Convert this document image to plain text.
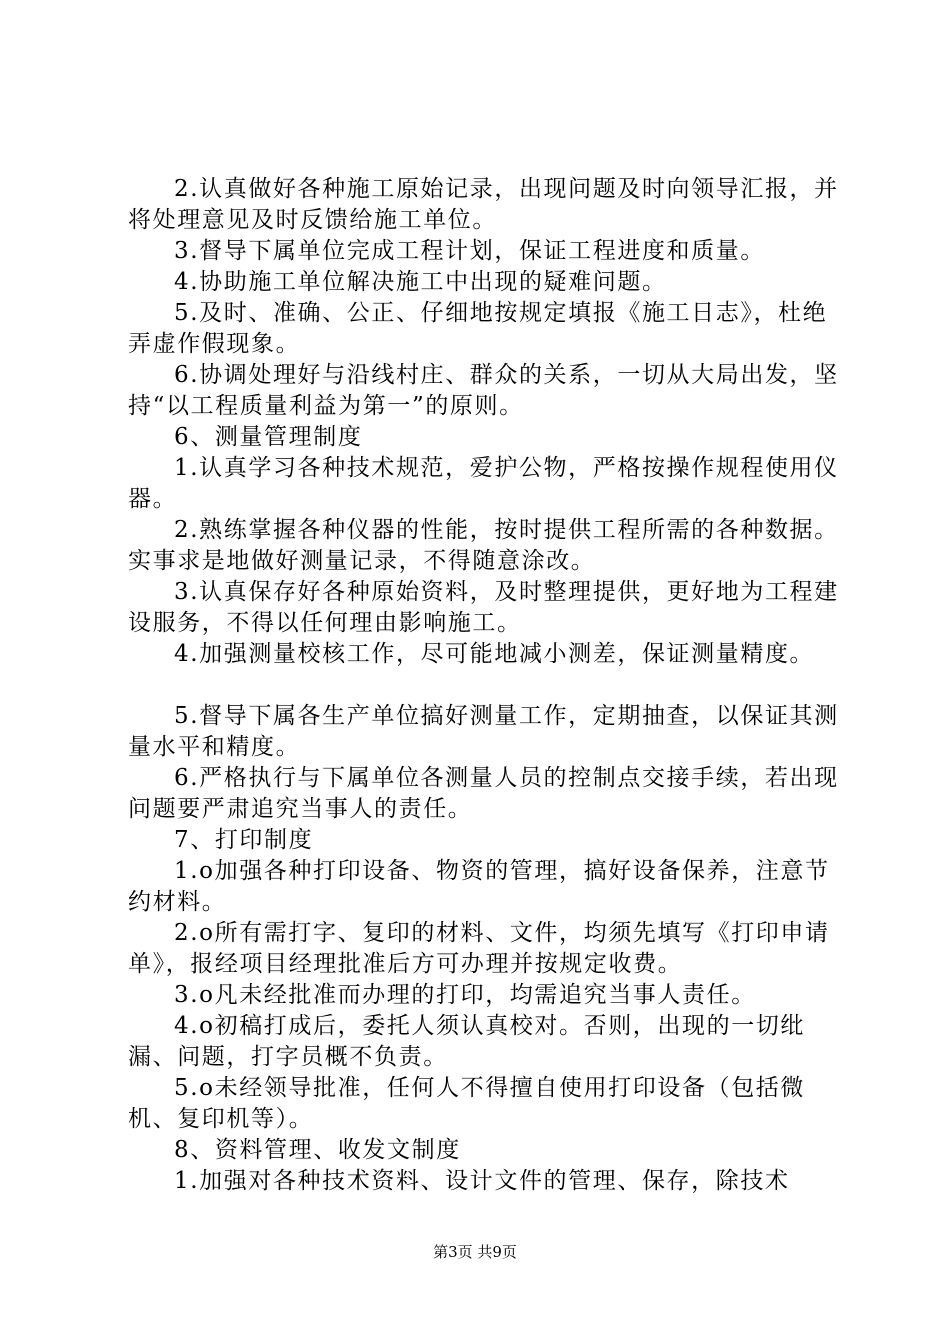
2.认真做好各种施工原始记录，出现问题及时向领导汇报，并将处理意见及时反馈给施工单位。

3.督导下属单位完成工程计划，保证工程进度和质量。

4.协助施工单位解决施工中出现的疑难问题。

5.及时、准确、公正、仔细地按规定填报《施工日志》，杜绝弄虚作假现象。

6.协调处理好与沿线村庄、群众的关系，一切从大局出发，坚持“以工程质量利益为第一”的原则。

6、测量管理制度

1.认真学习各种技术规范，爱护公物，严格按操作规程使用仪器。

2.熟练掌握各种仪器的性能，按时提供工程所需的各种数据。实事求是地做好测量记录，不得随意涂改。

3.认真保存好各种原始资料，及时整理提供，更好地为工程建设服务，不得以任何理由影响施工。

4.加强测量校核工作，尽可能地减小测差，保证测量精度。

5.督导下属各生产单位搞好测量工作，定期抽查，以保证其测量水平和精度。

6.严格执行与下属单位各测量人员的控制点交接手续，若出现问题要严肃追究当事人的责任。

7、打印制度

1.o加强各种打印设备、物资的管理，搞好设备保养，注意节约材料。

2.o所有需打字、复印的材料、文件，均须先填写《打印申请单》，报经项目经理批准后方可办理并按规定收费。

3.o凡未经批准而办理的打印，均需追究当事人责任。

4.o初稿打成后，委托人须认真校对。否则，出现的一切纰漏、问题，打字员概不负责。

5.o未经领导批准，任何人不得擅自使用打印设备（包括微机、复印机等）。

8、资料管理、收发文制度

1.加强对各种技术资料、设计文件的管理、保存，除技术

第3页 共9页
